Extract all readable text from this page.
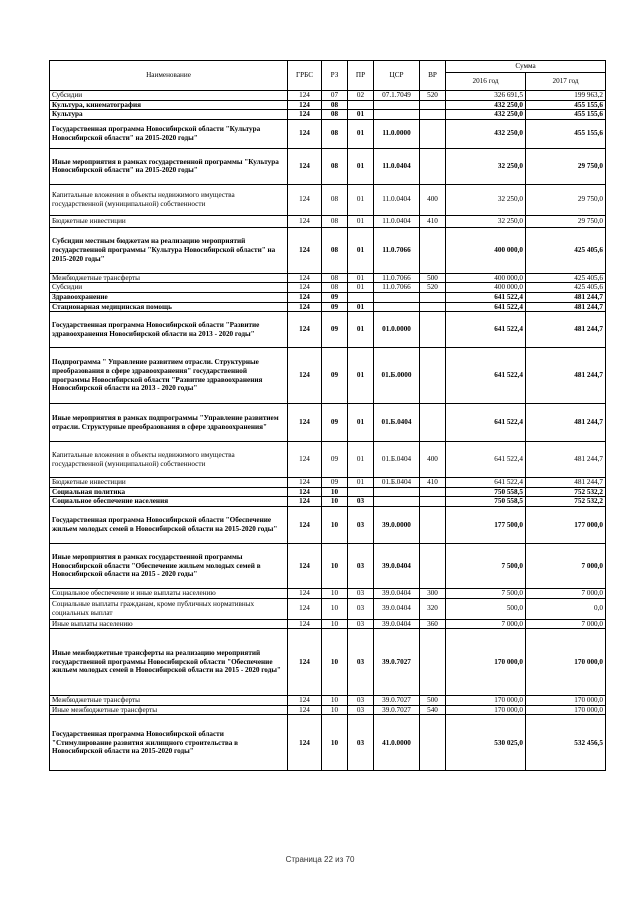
Наименование	ГРБС	РЗ	ПР	ЦСР	ВР	Сумма	
						2016 год	2017 год
Субсидии	124	07	02	07.1.7049	520	326 691,5	199 963,2
Культура, кинематография	124	08				432 250,0	455 155,6
Культура	124	08	01			432 250,0	455 155,6
Государственная программа Новосибирской области "Культура Новосибирской области" на 2015-2020 годы"	124	08	01	11.0.0000		432 250,0	455 155,6
Иные мероприятия в рамках государственной программы "Культура Новосибирской области" на 2015-2020 годы"	124	08	01	11.0.0404		32 250,0	29 750,0
Капитальные вложения в объекты недвижимого имущества государственной (муниципальной) собственности	124	08	01	11.0.0404	400	32 250,0	29 750,0
Бюджетные инвестиции	124	08	01	11.0.0404	410	32 250,0	29 750,0
Субсидии местным бюджетам на реализацию мероприятий государственной программы "Культура Новосибирской области" на 2015-2020 годы"	124	08	01	11.0.7066		400 000,0	425 405,6
Межбюджетные трансферты	124	08	01	11.0.7066	500	400 000,0	425 405,6
Субсидии	124	08	01	11.0.7066	520	400 000,0	425 405,6
Здравоохранение	124	09				641 522,4	481 244,7
Стационарная медицинская помощь	124	09	01			641 522,4	481 244,7
Государственная программа Новосибирской области "Развитие здравоохранения Новосибирской области на 2013 - 2020 годы"	124	09	01	01.0.0000		641 522,4	481 244,7
Подпрограмма " Управление развитием отрасли. Структурные преобразования в сфере здравоохранения" государственной программы Новосибирской области "Развитие здравоохранения Новосибирской области на 2013 - 2020 годы"	124	09	01	01.Б.0000		641 522,4	481 244,7
Иные мероприятия в рамках подпрограммы "Управление развитием отрасли. Структурные преобразования в сфере здравоохранения"	124	09	01	01.Б.0404		641 522,4	481 244,7
Капитальные вложения в объекты недвижимого имущества государственной (муниципальной) собственности	124	09	01	01.Б.0404	400	641 522,4	481 244,7
Бюджетные инвестиции	124	09	01	01.Б.0404	410	641 522,4	481 244,7
Социальная политика	124	10				750 558,5	752 532,2
Социальное обеспечение населения	124	10	03			750 558,5	752 532,2
Государственная программа Новосибирской области "Обеспечение жильем молодых семей в Новосибирской области на 2015-2020 годы"	124	10	03	39.0.0000		177 500,0	177 000,0
Иные мероприятия в рамках государственной программы Новосибирской области "Обеспечение жильем молодых семей в Новосибирской области на 2015 - 2020 годы"	124	10	03	39.0.0404		7 500,0	7 000,0
Социальное обеспечение и иные выплаты населению	124	10	03	39.0.0404	300	7 500,0	7 000,0
Социальные выплаты гражданам, кроме публичных нормативных социальных выплат	124	10	03	39.0.0404	320	500,0	0,0
Иные выплаты населению	124	10	03	39.0.0404	360	7 000,0	7 000,0
Иные межбюджетные трансферты на реализацию мероприятий государственной программы Новосибирской области "Обеспечение жильем молодых семей в Новосибирской области на 2015 - 2020 годы"	124	10	03	39.0.7027		170 000,0	170 000,0
Межбюджетные трансферты	124	10	03	39.0.7027	500	170 000,0	170 000,0
Иные межбюджетные трансферты	124	10	03	39.0.7027	540	170 000,0	170 000,0
Государственная программа Новосибирской области "Стимулирование развития жилищного строительства в Новосибирской области на 2015-2020 годы"	124	10	03	41.0.0000		530 025,0	532 456,5
Страница 22 из 70
